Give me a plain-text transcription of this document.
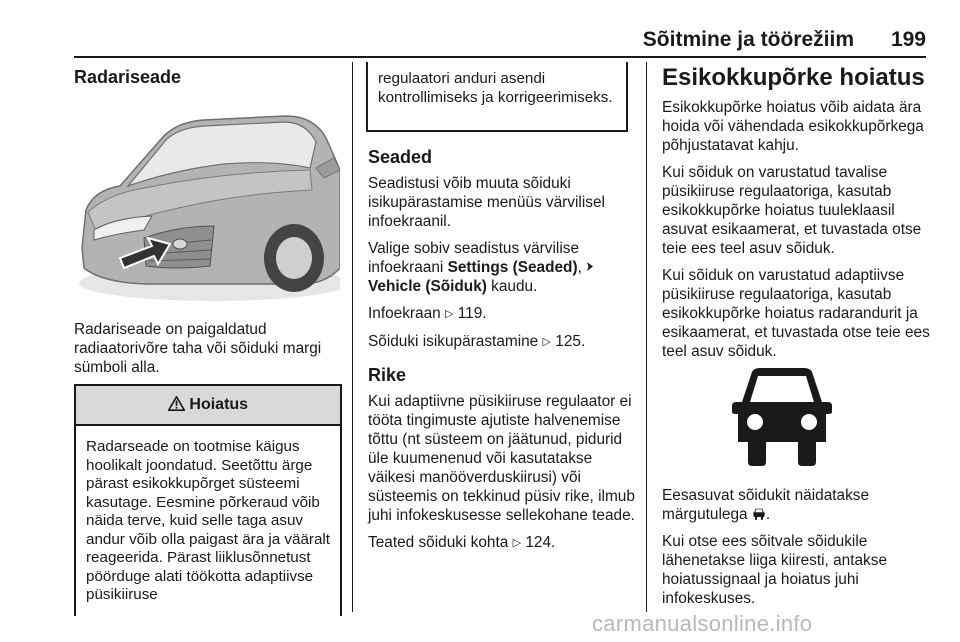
Sõitmine ja töörežiim 199
Radariseade

Radariseade on paigaldatud radiaatorivõre taha või sõiduki margi sümboli alla.

Hoiatus
Radarseade on tootmise käigus hoolikalt joondatud. Seetõttu ärge pärast esikokkupõrget süsteemi kasutage. Eesmine põrkeraud võib näida terve, kuid selle taga asuv andur võib olla paigast ära ja vääralt reageerida. Pärast liiklusõnnetust pöörduge alati töökotta adaptiivse püsikiiruse
regulaatori anduri asendi kontrollimiseks ja korrigeerimiseks.
Seaded

Seadistusi võib muuta sõiduki isikupärastamise menüüs värvilisel infoekraanil.

Valige sobiv seadistus värvilise infoekraani Settings (Seaded),
Vehicle (Sõiduk) kaudu.

Infoekraan ▷ 119.

Sõiduki isikupärastamine ▷ 125.

Rike

Kui adaptiivne püsikiiruse regulaator ei tööta tingimuste ajutiste halvenemise tõttu (nt süsteem on jäätunud, pidurid üle kuumenenud või kasutatakse väikesi manööverduskiirusi) või süsteemis on tekkinud püsiv rike, ilmub juhi infokeskusesse sellekohane teade.

Teated sõiduki kohta ▷ 124.

Esikokkupõrke hoiatus

Esikokkupõrke hoiatus võib aidata ära hoida või vähendada esikokkupõrkega põhjustatavat kahju.

Kui sõiduk on varustatud tavalise püsikiiruse regulaatoriga, kasutab esikokkupõrke hoiatus tuuleklaasil asuvat esikaamerat, et tuvastada otse teie ees teel asuv sõiduk.

Kui sõiduk on varustatud adaptiivse püsikiiruse regulaatoriga, kasutab esikokkupõrke hoiatus radarandurit ja esikaamerat, et tuvastada otse teie ees teel asuv sõiduk.

Eesasuvat sõidukit näidatakse märgutulega .

Kui otse ees sõitvale sõidukile lähenetakse liiga kiiresti, antakse hoiatussignaal ja hoiatus juhi infokeskuses.

carmanualsonline.info
